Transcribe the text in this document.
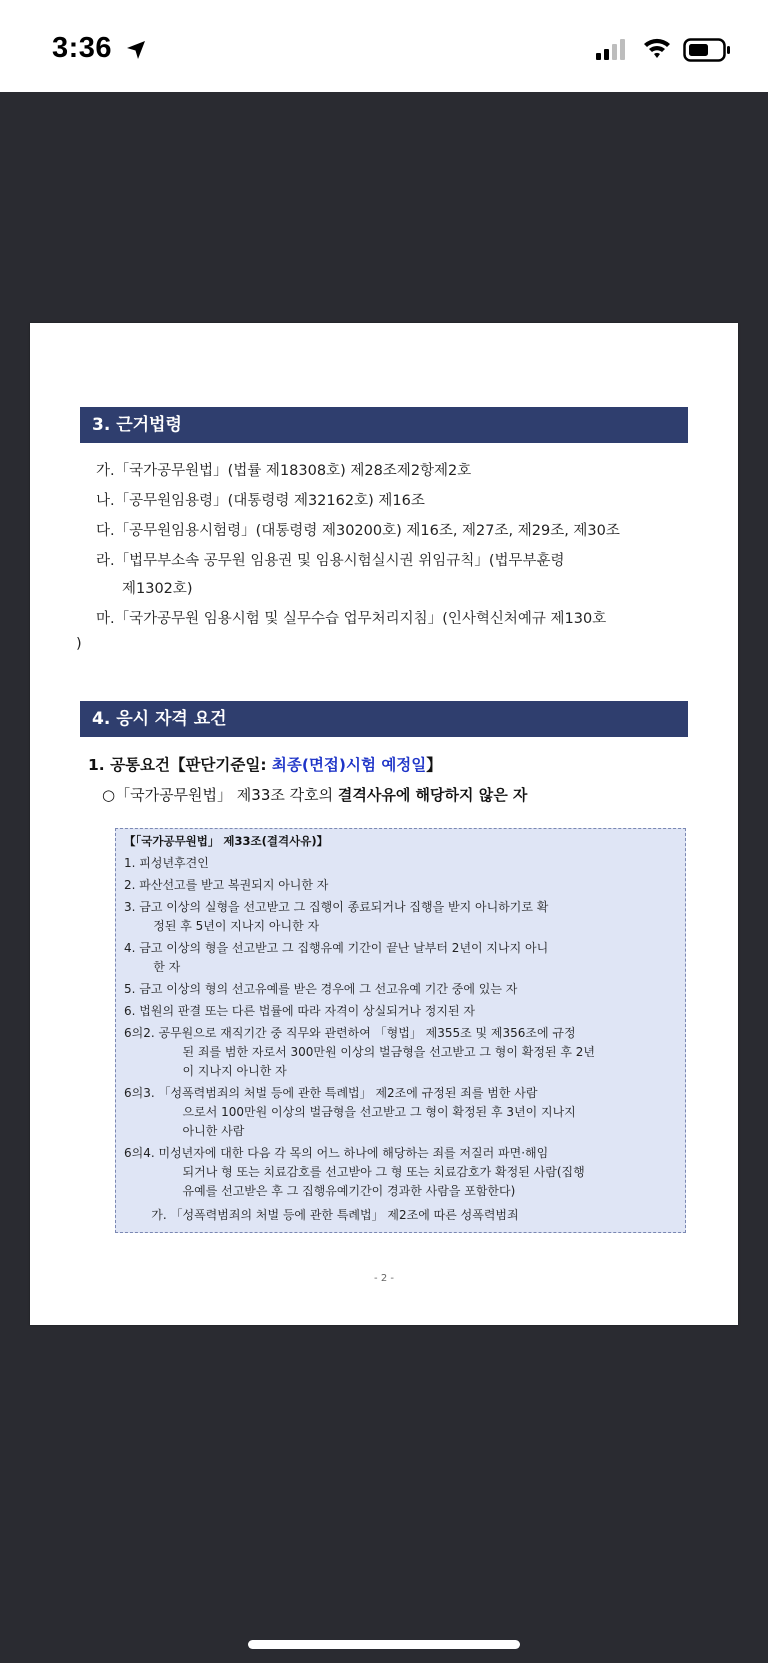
3:36
3. 근거법령
가.「국가공무원법」(법률 제18308호) 제28조제2항제2호
나.「공무원임용령」(대통령령 제32162호) 제16조
다.「공무원임용시험령」(대통령령 제30200호) 제16조, 제27조, 제29조, 제30조
라.「법무부소속 공무원 임용권 및 임용시험실시권 위임규칙」(법무부훈령
제1302호)
마.「국가공무원 임용시험 및 실무수습 업무처리지침」(인사혁신처예규 제130호
)
4. 응시 자격 요건
1. 공통요건【판단기준일: 최종(면접)시험 예정일】
○「국가공무원법」 제33조 각호의 결격사유에 해당하지 않은 자
【「국가공무원법」 제33조(결격사유)】
1. 피성년후견인
2. 파산선고를 받고 복권되지 아니한 자
3. 금고 이상의 실형을 선고받고 그 집행이 종료되거나 집행을 받지 아니하기로 확
정된 후 5년이 지나지 아니한 자
4. 금고 이상의 형을 선고받고 그 집행유예 기간이 끝난 날부터 2년이 지나지 아니
한 자
5. 금고 이상의 형의 선고유예를 받은 경우에 그 선고유예 기간 중에 있는 자
6. 법원의 판결 또는 다른 법률에 따라 자격이 상실되거나 정지된 자
6의2. 공무원으로 재직기간 중 직무와 관련하여 「형법」 제355조 및 제356조에 규정
된 죄를 범한 자로서 300만원 이상의 벌금형을 선고받고 그 형이 확정된 후 2년
이 지나지 아니한 자
6의3. 「성폭력범죄의 처벌 등에 관한 특례법」 제2조에 규정된 죄를 범한 사람
으로서 100만원 이상의 벌금형을 선고받고 그 형이 확정된 후 3년이 지나지
아니한 사람
6의4. 미성년자에 대한 다음 각 목의 어느 하나에 해당하는 죄를 저질러 파면·해임
되거나 형 또는 치료감호를 선고받아 그 형 또는 치료감호가 확정된 사람(집행
유예를 선고받은 후 그 집행유예기간이 경과한 사람을 포함한다)
가. 「성폭력범죄의 처벌 등에 관한 특례법」 제2조에 따른 성폭력범죄
- 2 -
